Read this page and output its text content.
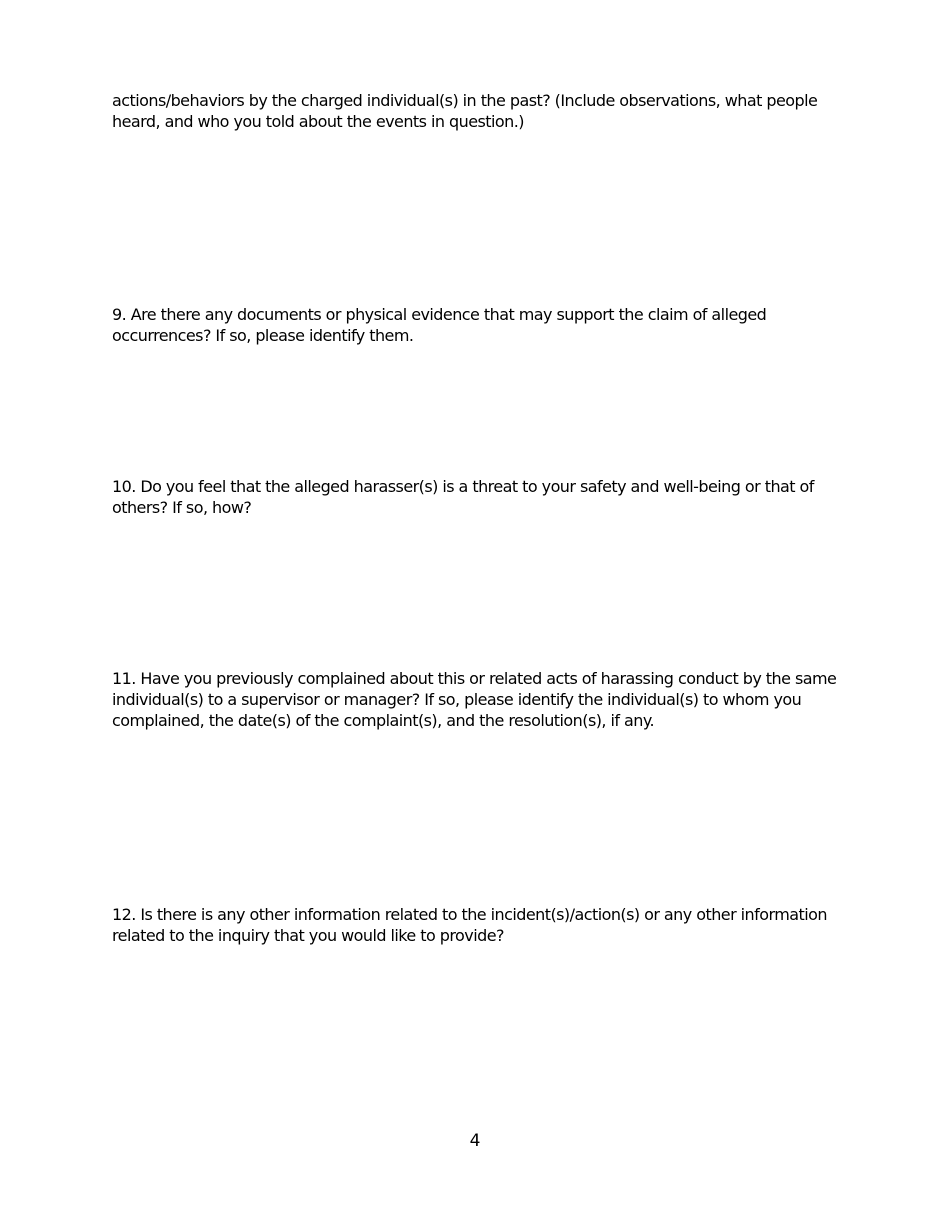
actions/behaviors by the charged individual(s) in the past? (Include observations, what people
heard, and who you told about the events in question.)
9. Are there any documents or physical evidence that may support the claim of alleged
occurrences? If so, please identify them.
10. Do you feel that the alleged harasser(s) is a threat to your safety and well-being or that of
others? If so, how?
11. Have you previously complained about this or related acts of harassing conduct by the same
individual(s) to a supervisor or manager? If so, please identify the individual(s) to whom you
complained, the date(s) of the complaint(s), and the resolution(s), if any.
12. Is there is any other information related to the incident(s)/action(s) or any other information
related to the inquiry that you would like to provide?
4
